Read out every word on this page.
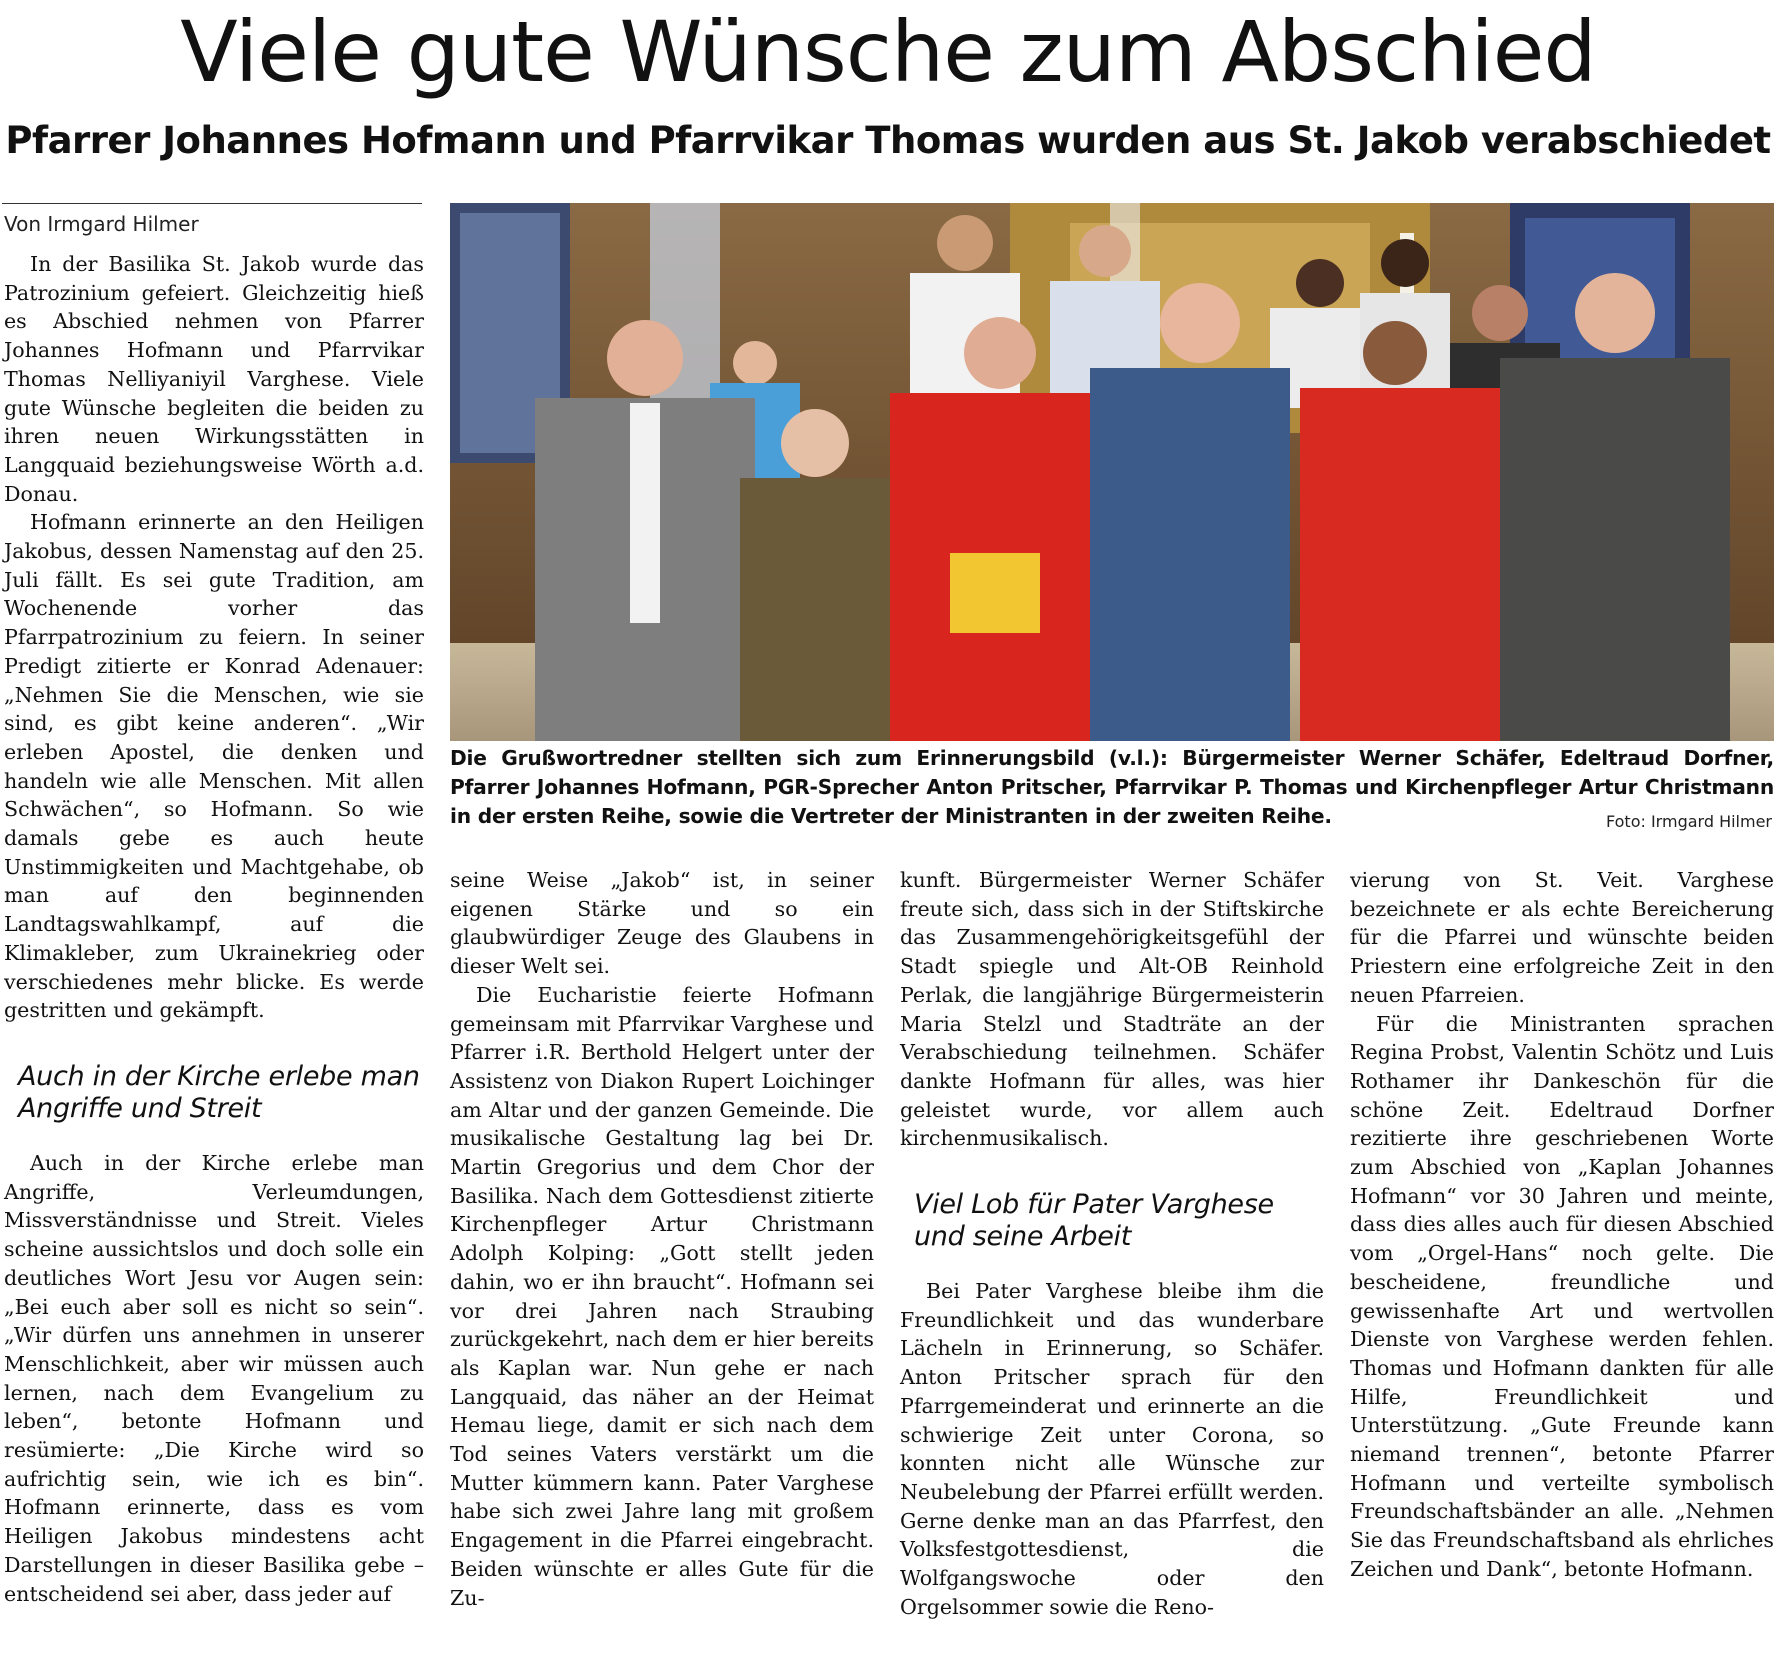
Viele gute Wünsche zum Abschied
Pfarrer Johannes Hofmann und Pfarrvikar Thomas wurden aus St. Jakob verabschiedet
Von Irmgard Hilmer

In der Basilika St. Jakob wurde das Patrozinium gefeiert. Gleichzeitig hieß es Abschied nehmen von Pfarrer Johannes Hofmann und Pfarrvikar Thomas Nelliyaniyil Varghese. Viele gute Wünsche begleiten die beiden zu ihren neuen Wirkungsstätten in Langquaid beziehungsweise Wörth a.d. Donau.

Hofmann erinnerte an den Heiligen Jakobus, dessen Namenstag auf den 25. Juli fällt. Es sei gute Tradition, am Wochenende vorher das Pfarrpatrozinium zu feiern. In seiner Predigt zitierte er Konrad Adenauer: „Nehmen Sie die Menschen, wie sie sind, es gibt keine anderen“. „Wir erleben Apostel, die denken und handeln wie alle Menschen. Mit allen Schwächen“, so Hofmann. So wie damals gebe es auch heute Unstimmigkeiten und Machtgehabe, ob man auf den beginnenden Landtagswahlkampf, auf die Klimakleber, zum Ukrainekrieg oder verschiedenes mehr blicke. Es werde gestritten und gekämpft.

Auch in der Kirche erlebe man Angriffe und Streit

Auch in der Kirche erlebe man Angriffe, Verleumdungen, Missverständnisse und Streit. Vieles scheine aussichtslos und doch solle ein deutliches Wort Jesu vor Augen sein: „Bei euch aber soll es nicht so sein“. „Wir dürfen uns annehmen in unserer Menschlichkeit, aber wir müssen auch lernen, nach dem Evangelium zu leben“, betonte Hofmann und resümierte: „Die Kirche wird so aufrichtig sein, wie ich es bin“. Hofmann erinnerte, dass es vom Heiligen Jakobus mindestens acht Darstellungen in dieser Basilika gebe – entscheidend sei aber, dass jeder auf

Die Grußwortredner stellten sich zum Erinnerungsbild (v.l.): Bürgermeister Werner Schäfer, Edeltraud Dorfner, Pfarrer Johannes Hofmann, PGR-Sprecher Anton Pritscher, Pfarrvikar P. Thomas und Kirchenpfleger Artur Christmann in der ersten Reihe, sowie die Vertreter der Ministranten in der zweiten Reihe.	Foto: Irmgard Hilmer

seine Weise „Jakob“ ist, in seiner eigenen Stärke und so ein glaubwürdiger Zeuge des Glaubens in dieser Welt sei.

Die Eucharistie feierte Hofmann gemeinsam mit Pfarrvikar Varghese und Pfarrer i.R. Berthold Helgert unter der Assistenz von Diakon Rupert Loichinger am Altar und der ganzen Gemeinde. Die musikalische Gestaltung lag bei Dr. Martin Gregorius und dem Chor der Basilika. Nach dem Gottesdienst zitierte Kirchenpfleger Artur Christmann Adolph Kolping: „Gott stellt jeden dahin, wo er ihn braucht“. Hofmann sei vor drei Jahren nach Straubing zurückgekehrt, nach dem er hier bereits als Kaplan war. Nun gehe er nach Langquaid, das näher an der Heimat Hemau liege, damit er sich nach dem Tod seines Vaters verstärkt um die Mutter kümmern kann. Pater Varghese habe sich zwei Jahre lang mit großem Engagement in die Pfarrei eingebracht. Beiden wünschte er alles Gute für die Zu-

kunft. Bürgermeister Werner Schäfer freute sich, dass sich in der Stiftskirche das Zusammengehörigkeitsgefühl der Stadt spiegle und Alt-OB Reinhold Perlak, die langjährige Bürgermeisterin Maria Stelzl und Stadträte an der Verabschiedung teilnehmen. Schäfer dankte Hofmann für alles, was hier geleistet wurde, vor allem auch kirchenmusikalisch.

Viel Lob für Pater Varghese und seine Arbeit

Bei Pater Varghese bleibe ihm die Freundlichkeit und das wunderbare Lächeln in Erinnerung, so Schäfer. Anton Pritscher sprach für den Pfarrgemeinderat und erinnerte an die schwierige Zeit unter Corona, so konnten nicht alle Wünsche zur Neubelebung der Pfarrei erfüllt werden. Gerne denke man an das Pfarrfest, den Volksfestgottesdienst, die Wolfgangswoche oder den Orgelsommer sowie die Reno-

vierung von St. Veit. Varghese bezeichnete er als echte Bereicherung für die Pfarrei und wünschte beiden Priestern eine erfolgreiche Zeit in den neuen Pfarreien.

Für die Ministranten sprachen Regina Probst, Valentin Schötz und Luis Rothamer ihr Dankeschön für die schöne Zeit. Edeltraud Dorfner rezitierte ihre geschriebenen Worte zum Abschied von „Kaplan Johannes Hofmann“ vor 30 Jahren und meinte, dass dies alles auch für diesen Abschied vom „Orgel-Hans“ noch gelte. Die bescheidene, freundliche und gewissenhafte Art und wertvollen Dienste von Varghese werden fehlen. Thomas und Hofmann dankten für alle Hilfe, Freundlichkeit und Unterstützung. „Gute Freunde kann niemand trennen“, betonte Pfarrer Hofmann und verteilte symbolisch Freundschaftsbänder an alle. „Nehmen Sie das Freundschaftsband als ehrliches Zeichen und Dank“, betonte Hofmann.
